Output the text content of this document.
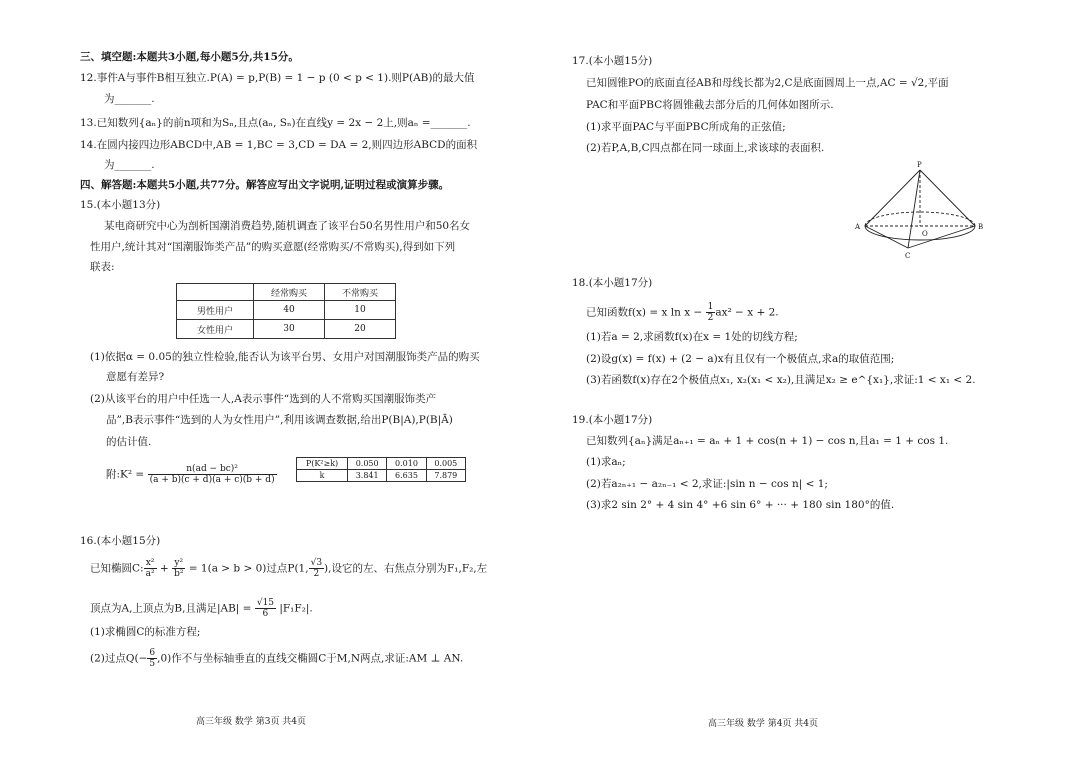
三、填空题:本题共3小题,每小题5分,共15分。
12.事件A与事件B相互独立.P(A) = p,P(B) = 1 − p (0 < p < 1).则P(AB)的最大值
为_______.
13.已知数列{aₙ}的前n项和为Sₙ,且点(aₙ, Sₙ)在直线y = 2x − 2上,则aₙ =_______.
14.在圆内接四边形ABCD中,AB = 1,BC = 3,CD = DA = 2,则四边形ABCD的面积
为_______.
四、解答题:本题共5小题,共77分。解答应写出文字说明,证明过程或演算步骤。
15.(本小题13分)
某电商研究中心为剖析国潮消费趋势,随机调查了该平台50名男性用户和50名女
性用户,统计其对“国潮服饰类产品”的购买意愿(经常购买/不常购买),得到如下列
联表:
	经常购买	不常购买
男性用户	40	10
女性用户	30	20
(1)依据α = 0.05的独立性检验,能否认为该平台男、女用户对国潮服饰类产品的购买
意愿有差异?
(2)从该平台的用户中任选一人,A表示事件“选到的人不常购买国潮服饰类产
品”,B表示事件“选到的人为女性用户”,利用该调查数据,给出P(B|A),P(B|Ā)
的估计值.
附:K² = $\frac{\text{n(ad − bc)²}}{(a + b)(c + d)(a + c)(b + d)}$
P(K²≥k)	0.050	0.010	0.005
k	3.841	6.635	7.879
16.(本小题15分)
已知椭圆C: $\frac{\text{x²}}{\text{a²}} + \frac{\text{y²}}{\text{b²}} = 1(a > b > 0)$过点P(1, $\frac{√3}{2}$ ),设它的左、右焦点分别为F₁,F₂,左
顶点为A,上顶点为B,且满足$|AB| = \frac{√15}{6} |F_1F_2|$.
(1)求椭圆C的标准方程;
(2)过点$Q(- \frac{6}{5} ,0)$作不与坐标轴垂直的直线交椭圆C于M,N两点,求证:AM ⊥ AN.
高三年级 数学 第3页 共4页
17.(本小题15分)
已知圆锥PO的底面直径AB和母线长都为2,C是底面圆周上一点,AC = √2,平面
PAC和平面PBC将圆锥截去部分后的几何体如图所示.
(1)求平面PAC与平面PBC所成角的正弦值;
(2)若P,A,B,C四点都在同一球面上,求该球的表面积.
P
A	B
O
C
18.(本小题17分)
已知函数f(x) = x $\ln x - \frac{1}{2} ax^2 - x + 2$.
(1)若a = 2,求函数f(x)在x = 1处的切线方程;
(2)设g(x) = f(x) + (2 − a)x有且仅有一个极值点,求a的取值范围;
(3)若函数f(x)存在2个极值点x₁, x₂(x₁ < x₂),且满足x₂ ≥ e^{x₁},求证:1 < x₁ < 2.
19.(本小题17分)
已知数列{aₙ}满足aₙ₊₁ = aₙ + 1 + cos(n + 1) − cos n,且a₁ = 1 + cos 1.
(1)求aₙ;
(2)若a₂ₙ₊₁ − a₂ₙ₋₁ < 2,求证:|sin n − cos n| < 1;
(3)求2 sin 2° + 4 sin 4° +6 sin 6° + ··· + 180 sin 180°的值.
高三年级 数学 第4页 共4页
